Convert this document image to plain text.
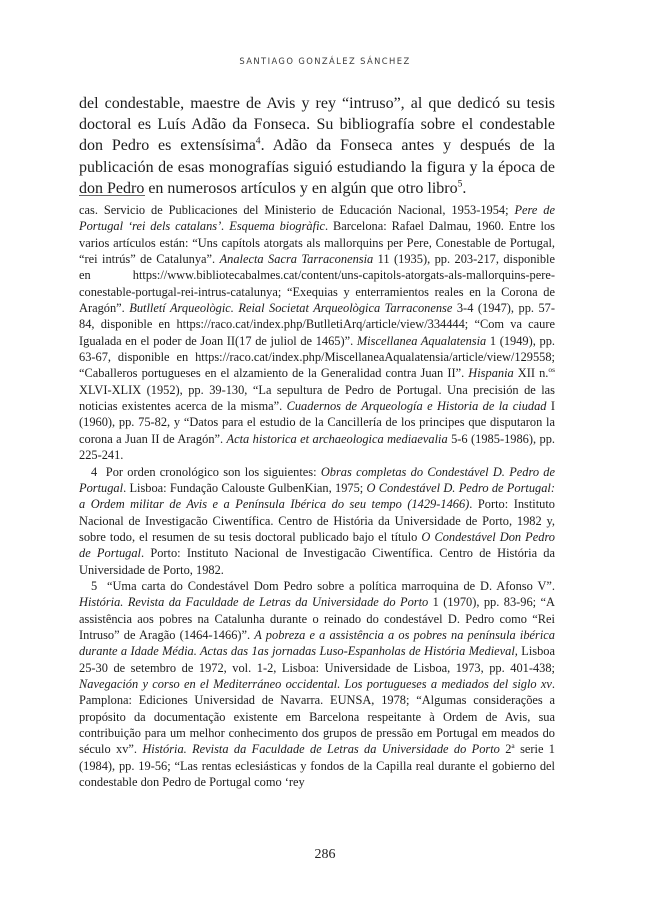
SANTIAGO GONZÁLEZ SÁNCHEZ

del condestable, maestre de Avis y rey “intruso”, al que dedicó su tesis doctoral es Luís Adão da Fonseca. Su bibliografía sobre el condestable don Pedro es extensísima$^4$. Adão da Fonseca antes y después de la publicación de esas monografías siguió estudiando la figura y la época de don Pedro en numerosos artículos y en algún que otro libro$^5$.

cas. Servicio de Publicaciones del Ministerio de Educación Nacional, 1953-1954; Pere de Portugal ‘rei dels catalans’. Esquema biogràfic. Barcelona: Rafael Dalmau, 1960. Entre los varios artículos están: “Uns capítols atorgats als mallorquins per Pere, Conestable de Portugal, “rei intrús” de Catalunya”. Analecta Sacra Tarraconensia 11 (1935), pp. 203-217, disponible en https://www.bibliotecabalmes.cat/content/uns-capitols-atorgats-als-mallorquins-pere-conestable-portugal-rei-intrus-catalunya; “Exequias y enterramientos reales en la Corona de Aragón”. Butlletí Arqueològic. Reial Societat Arqueològica Tarraconense 3-4 (1947), pp. 57-84, disponible en https://raco.cat/index.php/ButlletiArq/article/view/334444; “Com va caure Igualada en el poder de Joan II(17 de juliol de 1465)”. Miscellanea Aqualatensia 1 (1949), pp. 63-67, disponible en https://raco.cat/index.php/MiscellaneaAqualatensia/article/view/129558; “Caballeros portugueses en el alzamiento de la Generalidad contra Juan II”. Hispania XII n.$^{os}$ XLVI-XLIX (1952), pp. 39-130, “La sepultura de Pedro de Portugal. Una precisión de las noticias existentes acerca de la misma”. Cuadernos de Arqueología e Historia de la ciudad I (1960), pp. 75-82, y “Datos para el estudio de la Cancillería de los principes que disputaron la corona a Juan II de Aragón”. Acta historica et archaeologica mediaevalia 5-6 (1985-1986), pp. 225-241.

4 Por orden cronológico son los siguientes: Obras completas do Condestável D. Pedro de Portugal. Lisboa: Fundação Calouste GulbenKian, 1975; O Condestável D. Pedro de Portugal: a Ordem militar de Avis e a Península Ibérica do seu tempo (1429-1466). Porto: Instituto Nacional de Investigacão Ciwentífica. Centro de História da Universidade de Porto, 1982 y, sobre todo, el resumen de su tesis doctoral publicado bajo el título O Condestável Don Pedro de Portugal. Porto: Instituto Nacional de Investigacão Ciwentífica. Centro de História da Universidade de Porto, 1982.

5 “Uma carta do Condestável Dom Pedro sobre a política marroquina de D. Afonso V”. História. Revista da Faculdade de Letras da Universidade do Porto 1 (1970), pp. 83-96; “A assistência aos pobres na Catalunha durante o reinado do condestável D. Pedro como “Rei Intruso” de Aragão (1464-1466)”. A pobreza e a assistência a os pobres na península ibérica durante a Idade Média. Actas das 1as jornadas Luso-Espanholas de História Medieval, Lisboa 25-30 de setembro de 1972, vol. 1-2, Lisboa: Universidade de Lisboa, 1973, pp. 401-438; Navegación y corso en el Mediterráneo occidental. Los portugueses a mediados del siglo xv. Pamplona: Ediciones Universidad de Navarra. EUNSA, 1978; “Algumas considerações a propósito da documentação existente em Barcelona respeitante à Ordem de Avis, sua contribuição para um melhor conhecimento dos grupos de pressão em Portugal em meados do século xv”. História. Revista da Faculdade de Letras da Universidade do Porto 2$^a$ serie 1 (1984), pp. 19-56; “Las rentas eclesiásticas y fondos de la Capilla real durante el gobierno del condestable don Pedro de Portugal como ‘rey

286
